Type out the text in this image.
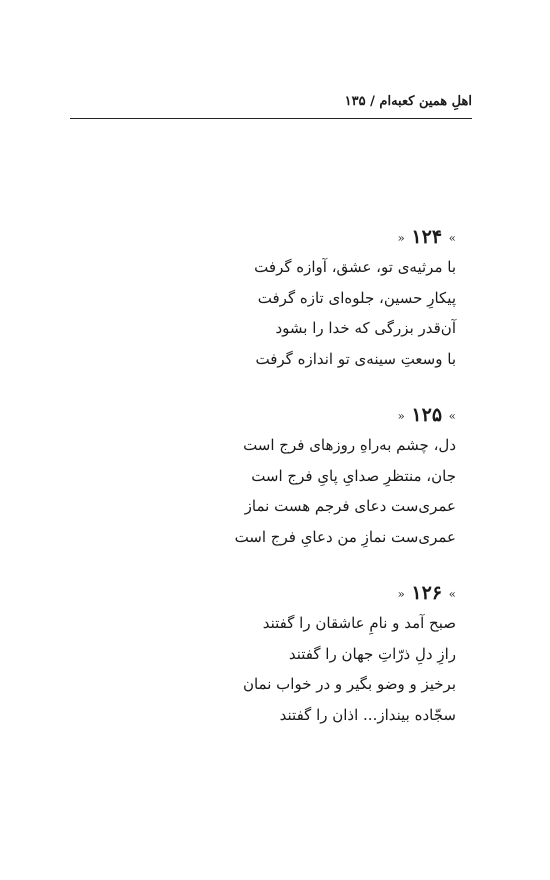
اهلِ همین کعبه‌ام / ۱۳۵
» ۱۲۴ «
با مرثیه‌ی تو، عشق، آوازه گرفت
پیکارِ حسین، جلوه‌ای تازه گرفت
آن‌قدر بزرگی که خدا را بشود
با وسعتِ سینه‌ی تو اندازه گرفت
» ۱۲۵ «
دل، چشم به‌راهِ روزهای فرج است
جان، منتظرِ صدایِ پایِ فرج است
عمری‌ست دعای فرجم هست نماز
عمری‌ست نمازِ من دعایِ فرج است
» ۱۲۶ «
صبح آمد و نامِ عاشقان را گفتند
رازِ دلِ ذرّاتِ جهان را گفتند
برخیز و وضو بگیر و در خواب نمان
سجّاده بینداز... اذان را گفتند
